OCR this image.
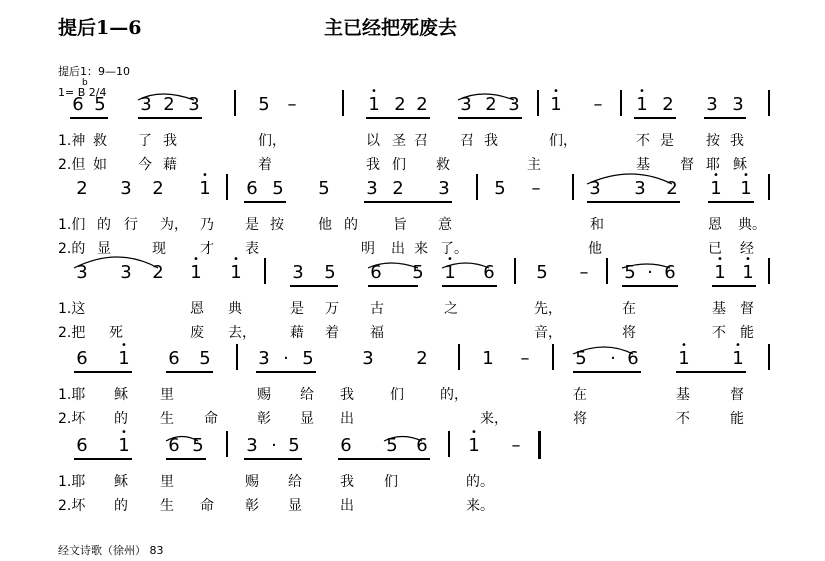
提后1—6	主已经把死废去
提后1：9—10
b
1= B 2/4
6 5 3 2 3	5 –	1
•
2 2 3 2 3 1
•
– 1
•
2 3 3
1.神 救 了 我	们，	以 圣 召 召 我	们，	不 是 按 我
2.但 如 今 藉	着	我 们 救	主	基 督 耶 稣
2 3 2 1
•
6 5 5 3 2 3 5 –	3 3 2 1
•
1
•
1.们 的 行 为， 乃 是 按 他 的	旨 意	和	恩 典。
2.的 显	现 才 表	明 出 来 了。	他	已 经
3 3 2 1
•
1
•
3 5 6 5 1
•
6 5 – 5 · 6 1
•
1
•
1.这	恩 典	是 万 古	之	先，	在	基 督
2.把 死	废 去， 藉 着 福	音，	将	不 能
6 1
•
6 5	3 · 5	3 2	1 –	5 · 6 1
•
1
•
1.耶 稣 里	赐 给 我	们	的，	在	基	督
2.坏 的 生 命	彰 显 出	来，	将	不	能
6 1
•
6 5 3 · 5 6 5 6 1
•
–
1.耶 稣 里	赐 给	我 们	的。
2.坏 的 生 命 彰 显	出	来。
经文诗歌（徐州） 83
